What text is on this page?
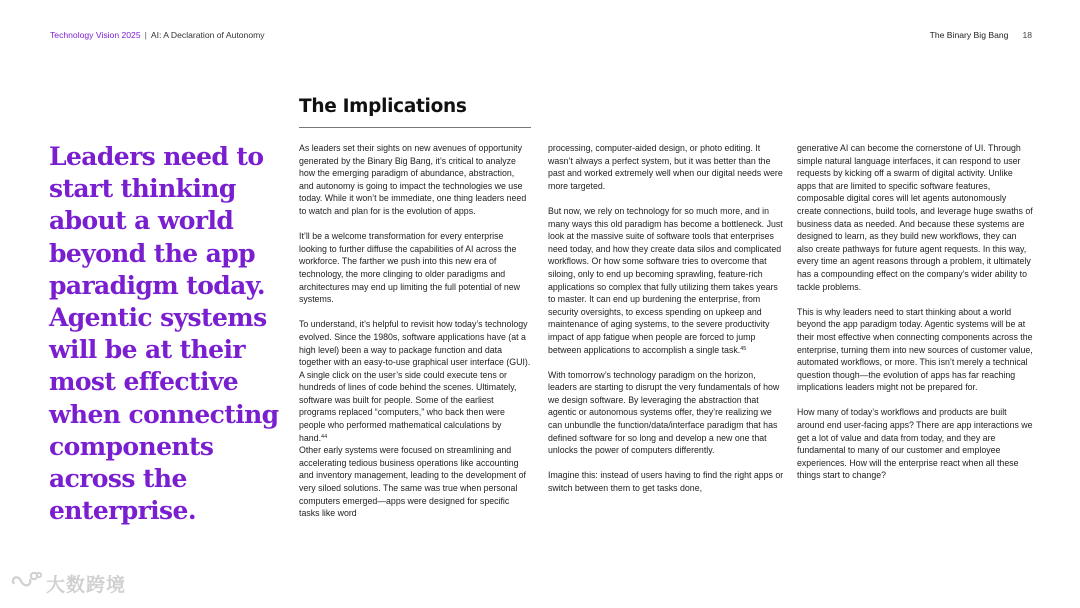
Technology Vision 2025 | AI: A Declaration of Autonomy	The Binary Big Bang 18
Leaders need to start thinking about a world beyond the app paradigm today. Agentic systems will be at their most effective when connecting components across the enterprise.
The Implications

As leaders set their sights on new avenues of opportunity generated by the Binary Big Bang, it’s critical to analyze how the emerging paradigm of abundance, abstraction, and autonomy is going to impact the technologies we use today. While it won’t be immediate, one thing leaders need to watch and plan for is the evolution of apps.

It’ll be a welcome transformation for every enterprise looking to further diffuse the capabilities of AI across the workforce. The farther we push into this new era of technology, the more clinging to older paradigms and architectures may end up limiting the full potential of new systems.

To understand, it’s helpful to revisit how today’s technology evolved. Since the 1980s, software applications have (at a high level) been a way to package function and data together with an easy-to-use graphical user interface (GUI). A single click on the user’s side could execute tens or hundreds of lines of code behind the scenes. Ultimately, software was built for people. Some of the earliest programs replaced “computers,” who back then were people who performed mathematical calculations by hand.$^{44}$

Other early systems were focused on streamlining and accelerating tedious business operations like accounting and inventory management, leading to the development of very siloed solutions. The same was true when personal computers emerged—apps were designed for specific tasks like word

processing, computer-aided design, or photo editing. It wasn’t always a perfect system, but it was better than the past and worked extremely well when our digital needs were more targeted.

But now, we rely on technology for so much more, and in many ways this old paradigm has become a bottleneck. Just look at the massive suite of software tools that enterprises need today, and how they create data silos and complicated workflows. Or how some software tries to overcome that siloing, only to end up becoming sprawling, feature-rich applications so complex that fully utilizing them takes years to master. It can end up burdening the enterprise, from security oversights, to excess spending on upkeep and maintenance of aging systems, to the severe productivity impact of app fatigue when people are forced to jump between applications to accomplish a single task.$^{45}$

With tomorrow’s technology paradigm on the horizon, leaders are starting to disrupt the very fundamentals of how we design software. By leveraging the abstraction that agentic or autonomous systems offer, they’re realizing we can unbundle the function/data/interface paradigm that has defined software for so long and develop a new one that unlocks the power of computers differently.

Imagine this: instead of users having to find the right apps or switch between them to get tasks done,

generative AI can become the cornerstone of UI. Through simple natural language interfaces, it can respond to user requests by kicking off a swarm of digital activity. Unlike apps that are limited to specific software features, composable digital cores will let agents autonomously create connections, build tools, and leverage huge swaths of business data as needed. And because these systems are designed to learn, as they build new workflows, they can also create pathways for future agent requests. In this way, every time an agent reasons through a problem, it ultimately has a compounding effect on the company’s wider ability to tackle problems.

This is why leaders need to start thinking about a world beyond the app paradigm today. Agentic systems will be at their most effective when connecting components across the enterprise, turning them into new sources of customer value, automated workflows, or more. This isn’t merely a technical question though—the evolution of apps has far reaching implications leaders might not be prepared for.

How many of today’s workflows and products are built around end user-facing apps? There are app interactions we get a lot of value and data from today, and they are fundamental to many of our customer and employee experiences. How will the enterprise react when all these things start to change?

大数跨境
